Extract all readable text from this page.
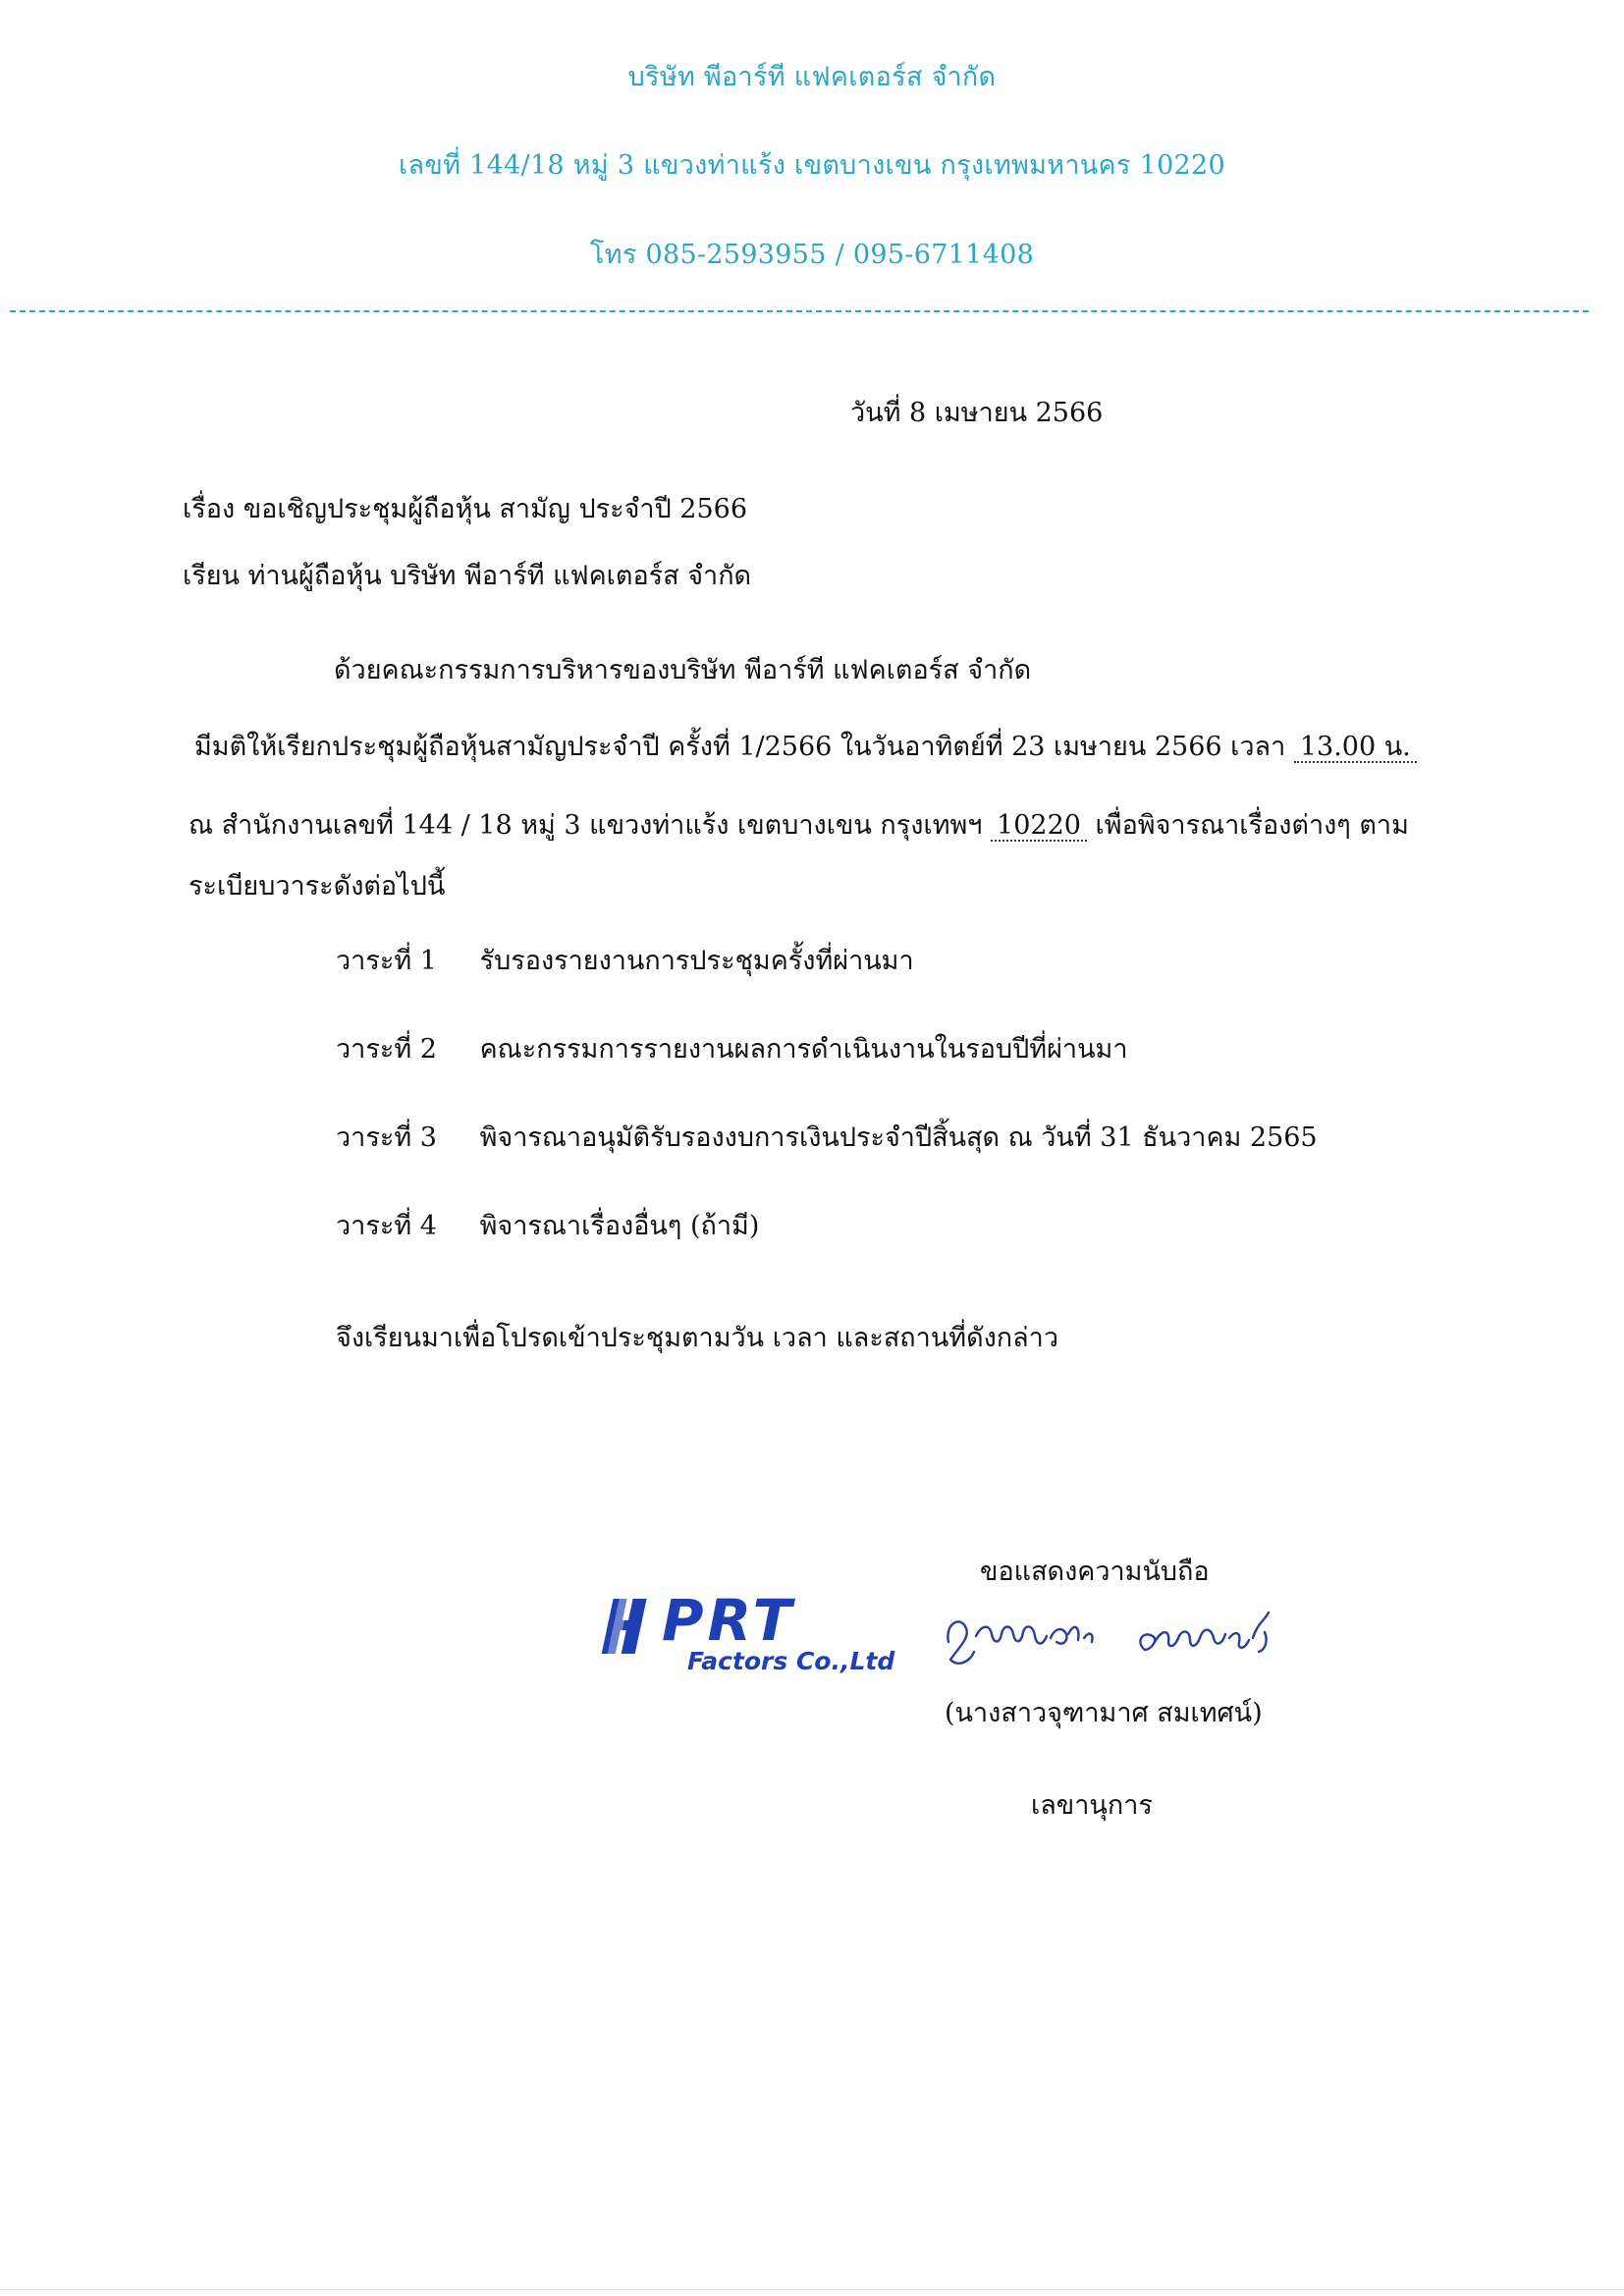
บริษัท พีอาร์ที แฟคเตอร์ส จำกัด
เลขที่ 144/18 หมู่ 3 แขวงท่าแร้ง เขตบางเขน กรุงเทพมหานคร 10220
โทร 085-2593955 / 095-6711408
วันที่ 8 เมษายน 2566
เรื่อง ขอเชิญประชุมผู้ถือหุ้น สามัญ ประจำปี 2566
เรียน ท่านผู้ถือหุ้น บริษัท พีอาร์ที แฟคเตอร์ส จำกัด
ด้วยคณะกรรมการบริหารของบริษัท พีอาร์ที แฟคเตอร์ส จำกัด
มีมติให้เรียกประชุมผู้ถือหุ้นสามัญประจำปี ครั้งที่ 1/2566 ในวันอาทิตย์ที่ 23 เมษายน 2566 เวลา 13.00 น.
ณ สำนักงานเลขที่ 144 / 18 หมู่ 3 แขวงท่าแร้ง เขตบางเขน กรุงเทพฯ 10220 เพื่อพิจารณาเรื่องต่างๆ ตาม
ระเบียบวาระดังต่อไปนี้
วาระที่ 1 รับรองรายงานการประชุมครั้งที่ผ่านมา
วาระที่ 2 คณะกรรมการรายงานผลการดำเนินงานในรอบปีที่ผ่านมา
วาระที่ 3 พิจารณาอนุมัติรับรองงบการเงินประจำปีสิ้นสุด ณ วันที่ 31 ธันวาคม 2565
วาระที่ 4 พิจารณาเรื่องอื่นๆ (ถ้ามี)
จึงเรียนมาเพื่อโปรดเข้าประชุมตามวัน เวลา และสถานที่ดังกล่าว
ขอแสดงความนับถือ
PRT
Factors Co.,Ltd
(นางสาวจุฑามาศ สมเทศน์)
เลขานุการ
